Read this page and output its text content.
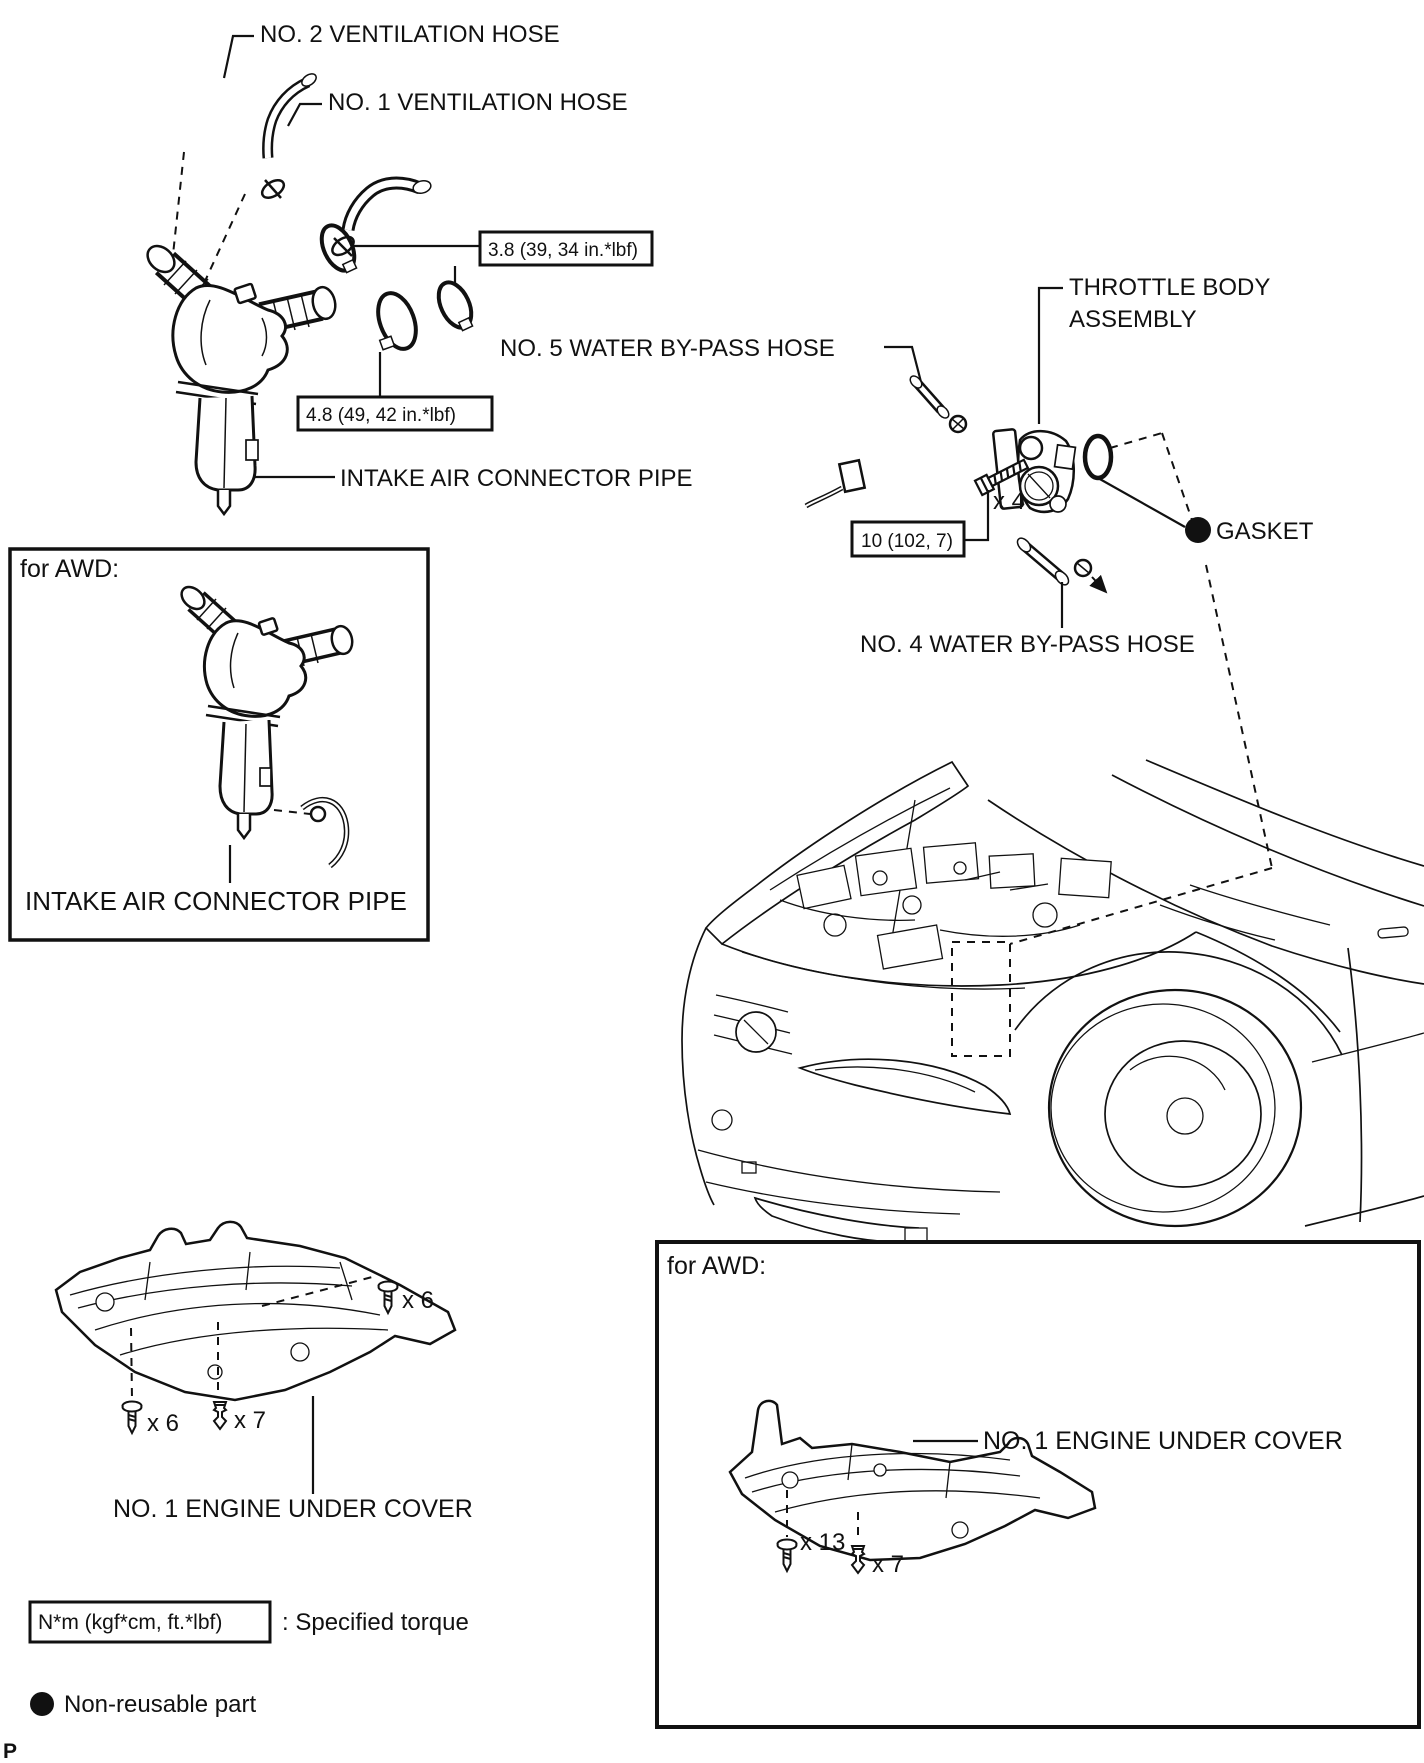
NO. 2 VENTILATION HOSE
NO. 1 VENTILATION HOSE
3.8 (39, 34 in.*lbf)
4.8 (49, 42 in.*lbf)
INTAKE AIR CONNECTOR PIPE
NO. 5 WATER BY-PASS HOSE
THROTTLE BODY
ASSEMBLY
x 4
10 (102, 7)	GASKET
NO. 4 WATER BY-PASS HOSE
for AWD:
INTAKE AIR CONNECTOR PIPE
x 6
x 6 x 7
NO. 1 ENGINE UNDER COVER
for AWD:
NO. 1 ENGINE UNDER COVER
x 13
x 7
N*m (kgf*cm, ft.*lbf) : Specified torque
Non-reusable part
P
